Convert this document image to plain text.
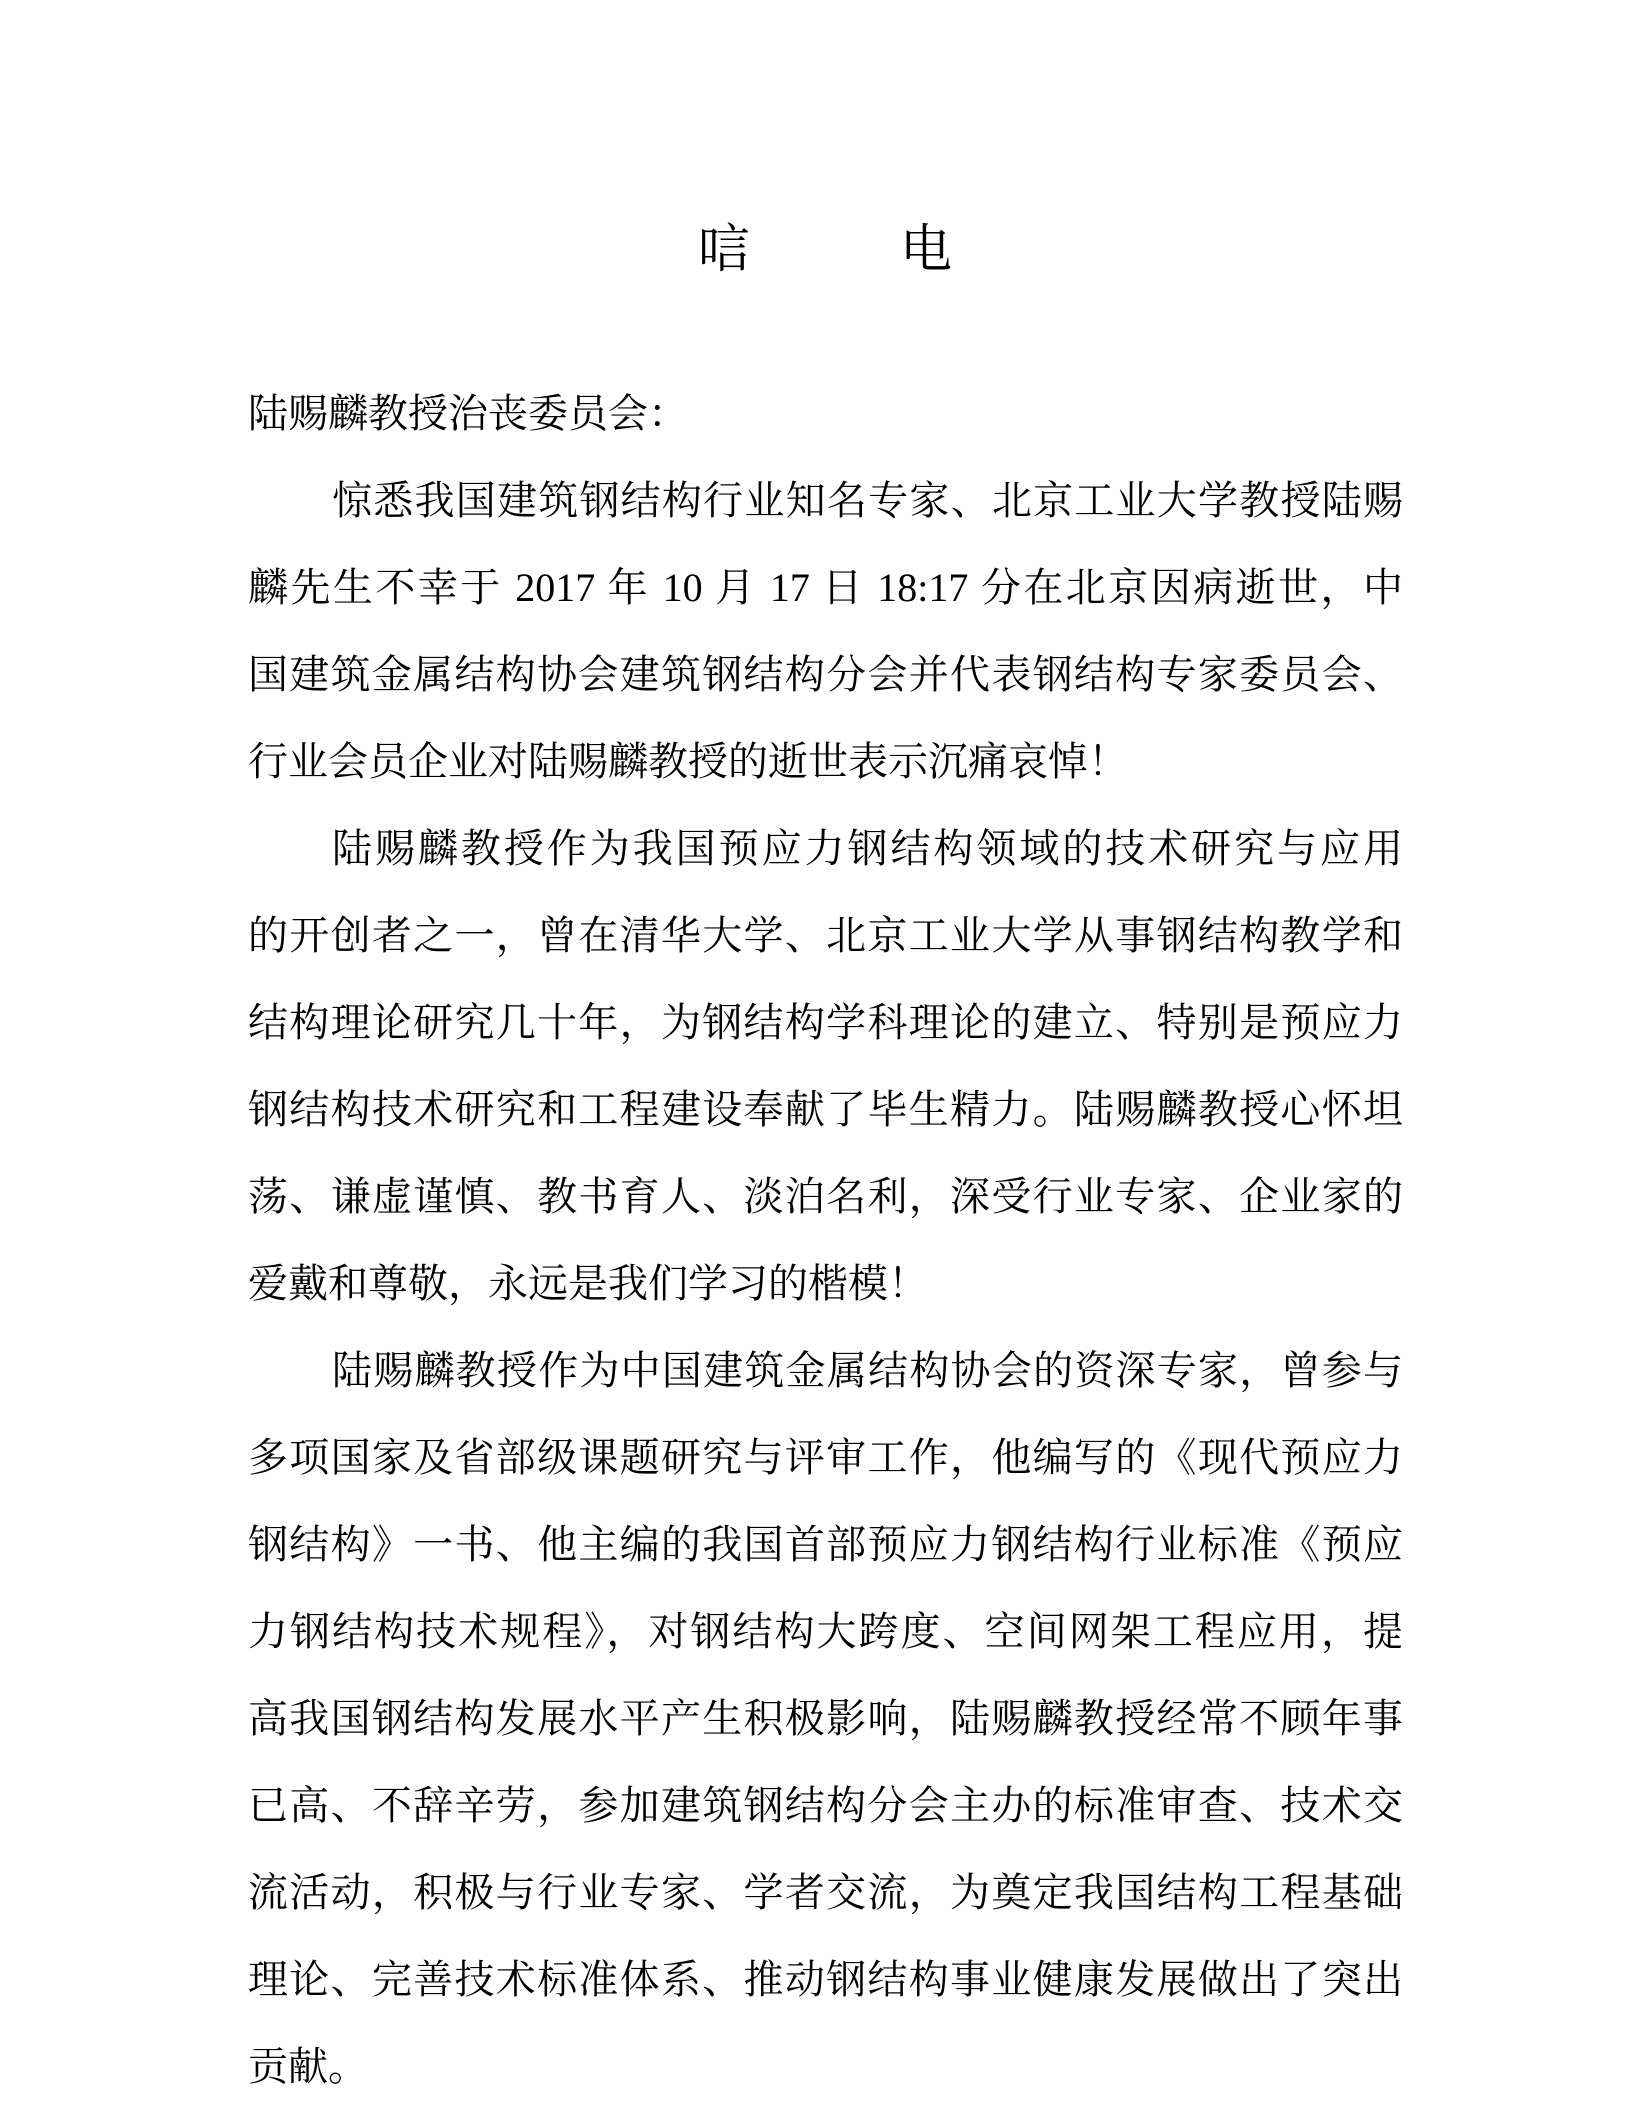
唁	电
陆赐麟教授治丧委员会：
惊悉我国建筑钢结构行业知名专家、北京工业大学教授陆赐
麟先生不幸于 2017 年 10 月 17 日 18:17 分在北京因病逝世，中
国建筑金属结构协会建筑钢结构分会并代表钢结构专家委员会、
行业会员企业对陆赐麟教授的逝世表示沉痛哀悼！
陆赐麟教授作为我国预应力钢结构领域的技术研究与应用
的开创者之一，曾在清华大学、北京工业大学从事钢结构教学和
结构理论研究几十年，为钢结构学科理论的建立、特别是预应力
钢结构技术研究和工程建设奉献了毕生精力。陆赐麟教授心怀坦
荡、谦虚谨慎、教书育人、淡泊名利，深受行业专家、企业家的
爱戴和尊敬，永远是我们学习的楷模！
陆赐麟教授作为中国建筑金属结构协会的资深专家，曾参与
多项国家及省部级课题研究与评审工作，他编写的《现代预应力
钢结构》一书、他主编的我国首部预应力钢结构行业标准《预应
力钢结构技术规程》，对钢结构大跨度、空间网架工程应用，提
高我国钢结构发展水平产生积极影响，陆赐麟教授经常不顾年事
已高、不辞辛劳，参加建筑钢结构分会主办的标准审查、技术交
流活动，积极与行业专家、学者交流，为奠定我国结构工程基础
理论、完善技术标准体系、推动钢结构事业健康发展做出了突出
贡献。
